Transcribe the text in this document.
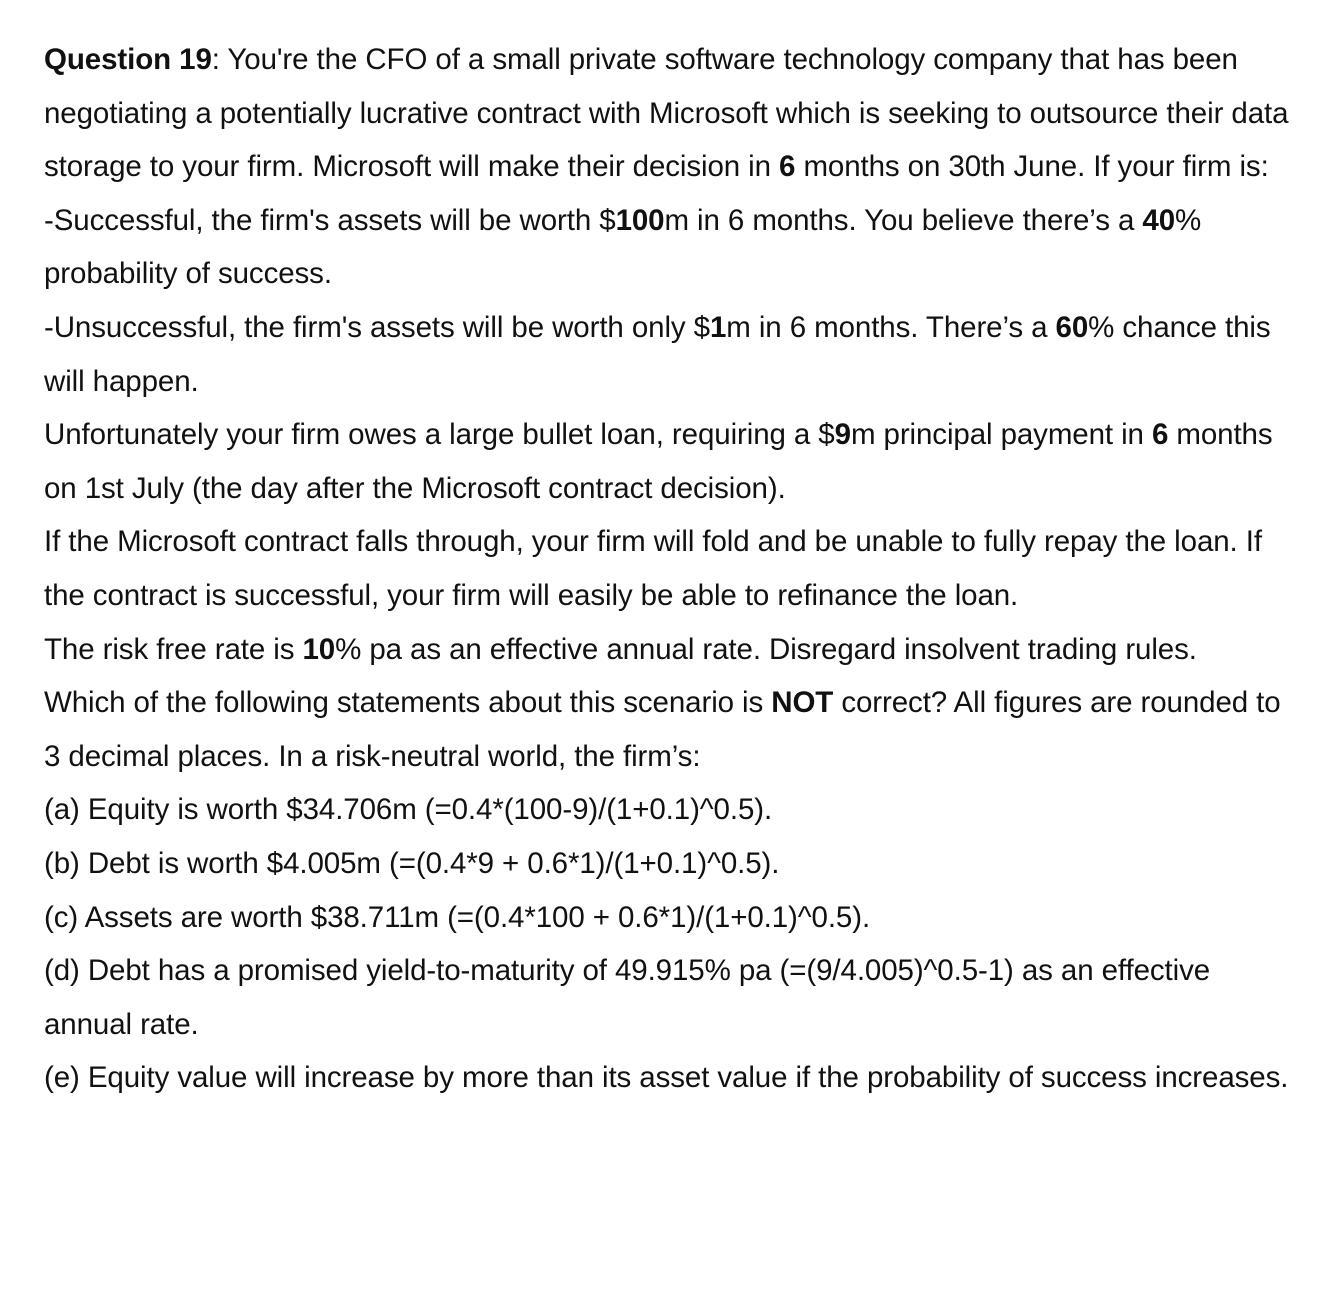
Question 19: You're the CFO of a small private software technology company that has been negotiating a potentially lucrative contract with Microsoft which is seeking to outsource their data storage to your firm. Microsoft will make their decision in 6 months on 30th June. If your firm is:

-Successful, the firm's assets will be worth $100m in 6 months. You believe there’s a 40% probability of success.

-Unsuccessful, the firm's assets will be worth only $1m in 6 months. There’s a 60% chance this will happen.

Unfortunately your firm owes a large bullet loan, requiring a $9m principal payment in 6 months on 1st July (the day after the Microsoft contract decision).

If the Microsoft contract falls through, your firm will fold and be unable to fully repay the loan. If the contract is successful, your firm will easily be able to refinance the loan.

The risk free rate is 10% pa as an effective annual rate. Disregard insolvent trading rules.

Which of the following statements about this scenario is NOT correct? All figures are rounded to 3 decimal places. In a risk-neutral world, the firm’s:

(a) Equity is worth $34.706m (=0.4*(100-9)/(1+0.1)^0.5).

(b) Debt is worth $4.005m (=(0.4*9 + 0.6*1)/(1+0.1)^0.5).

(c) Assets are worth $38.711m (=(0.4*100 + 0.6*1)/(1+0.1)^0.5).

(d) Debt has a promised yield-to-maturity of 49.915% pa (=(9/4.005)^0.5-1) as an effective annual rate.

(e) Equity value will increase by more than its asset value if the probability of success increases.
